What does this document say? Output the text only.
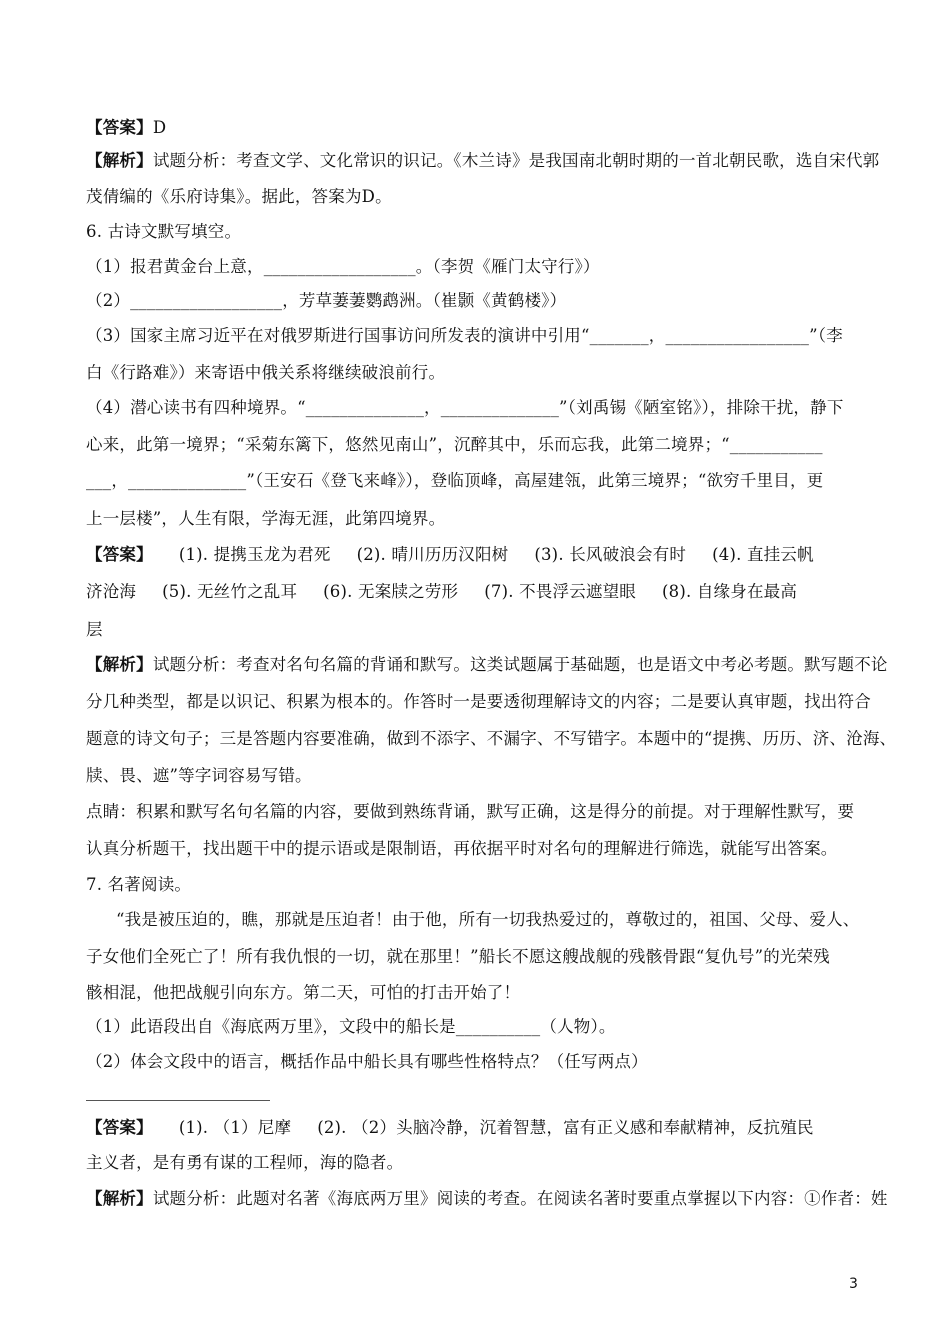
【答案】D
【解析】试题分析：考查文学、文化常识的识记。《木兰诗》是我国南北朝时期的一首北朝民歌，选自宋代郭
茂倩编的《乐府诗集》。据此，答案为D。
6. 古诗文默写填空。
（1）报君黄金台上意，__________________。（李贺《雁门太守行》）
（2）__________________，芳草萋萋鹦鹉洲。（崔颢《黄鹤楼》）
（3）国家主席习近平在对俄罗斯进行国事访问所发表的演讲中引用“_______，_________________”（李
白《行路难》）来寄语中俄关系将继续破浪前行。
（4）潜心读书有四种境界。“______________，______________”（刘禹锡《陋室铭》），排除干扰，静下
心来，此第一境界；“采菊东篱下，悠然见南山”，沉醉其中，乐而忘我，此第二境界；“___________
___，______________”（王安石《登飞来峰》），登临顶峰，高屋建瓴，此第三境界；“欲穷千里目，更
上一层楼”，人生有限，学海无涯，此第四境界。
【答案】 (1). 提携玉龙为君死 (2). 晴川历历汉阳树 (3). 长风破浪会有时 (4). 直挂云帆
济沧海 (5). 无丝竹之乱耳 (6). 无案牍之劳形 (7). 不畏浮云遮望眼 (8). 自缘身在最高
层
【解析】试题分析：考查对名句名篇的背诵和默写。这类试题属于基础题，也是语文中考必考题。默写题不论
分几种类型，都是以识记、积累为根本的。作答时一是要透彻理解诗文的内容；二是要认真审题，找出符合
题意的诗文句子；三是答题内容要准确，做到不添字、不漏字、不写错字。本题中的“提携、历历、济、沧海、
牍、畏、遮”等字词容易写错。
点睛：积累和默写名句名篇的内容，要做到熟练背诵，默写正确，这是得分的前提。对于理解性默写，要
认真分析题干，找出题干中的提示语或是限制语，再依据平时对名句的理解进行筛选，就能写出答案。
7. 名著阅读。
“我是被压迫的，瞧，那就是压迫者！由于他，所有一切我热爱过的，尊敬过的，祖国、父母、爱人、
子女他们全死亡了！所有我仇恨的一切，就在那里！”船长不愿这艘战舰的残骸骨跟“复仇号”的光荣残
骸相混，他把战舰引向东方。第二天，可怕的打击开始了！
（1）此语段出自《海底两万里》，文段中的船长是__________（人物）。
（2）体会文段中的语言，概括作品中船长具有哪些性格特点？（任写两点）
【答案】 (1). （1）尼摩 (2). （2）头脑冷静，沉着智慧，富有正义感和奉献精神，反抗殖民
主义者，是有勇有谋的工程师，海的隐者。
【解析】试题分析：此题对名著《海底两万里》阅读的考查。在阅读名著时要重点掌握以下内容：①作者：姓
3
